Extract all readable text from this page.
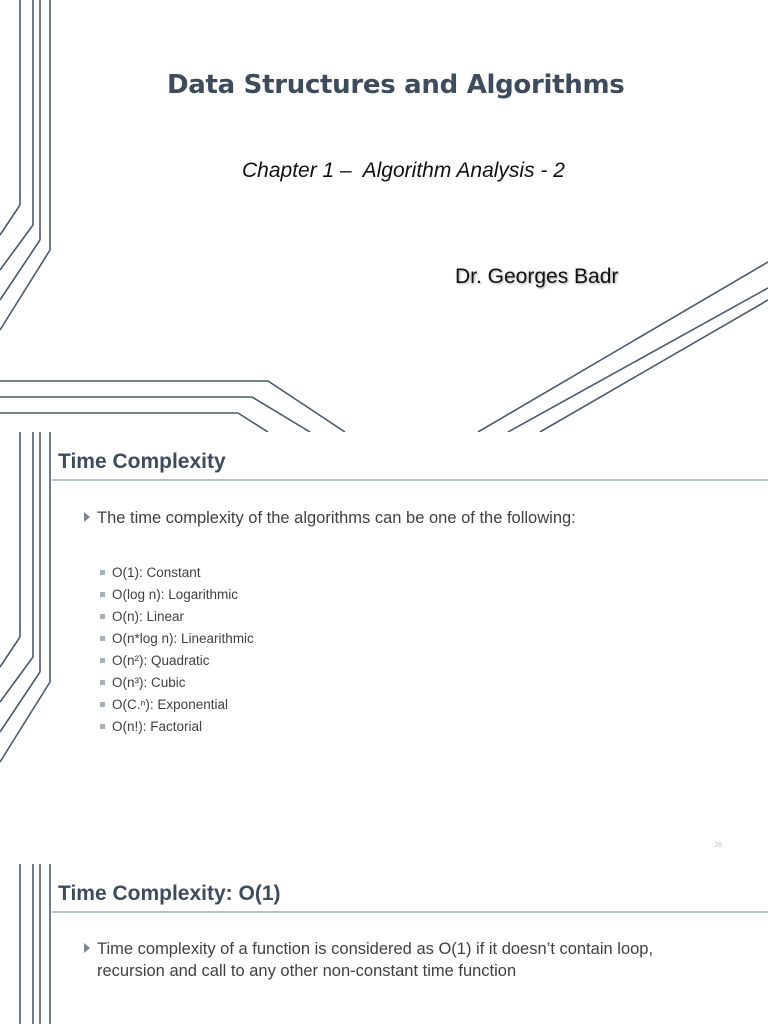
Data Structures and Algorithms
Chapter 1 –  Algorithm Analysis - 2
Dr. Georges Badr
Time Complexity
The time complexity of the algorithms can be one of the following:
O(1): Constant
O(log n): Logarithmic
O(n): Linear
O(n*log n): Linearithmic
O(n²): Quadratic
O(n³): Cubic
O(C.ⁿ): Exponential
O(n!): Factorial
26
Time Complexity: O(1)
Time complexity of a function is considered as O(1) if it doesn’t contain loop, recursion and call to any other non-constant time function
